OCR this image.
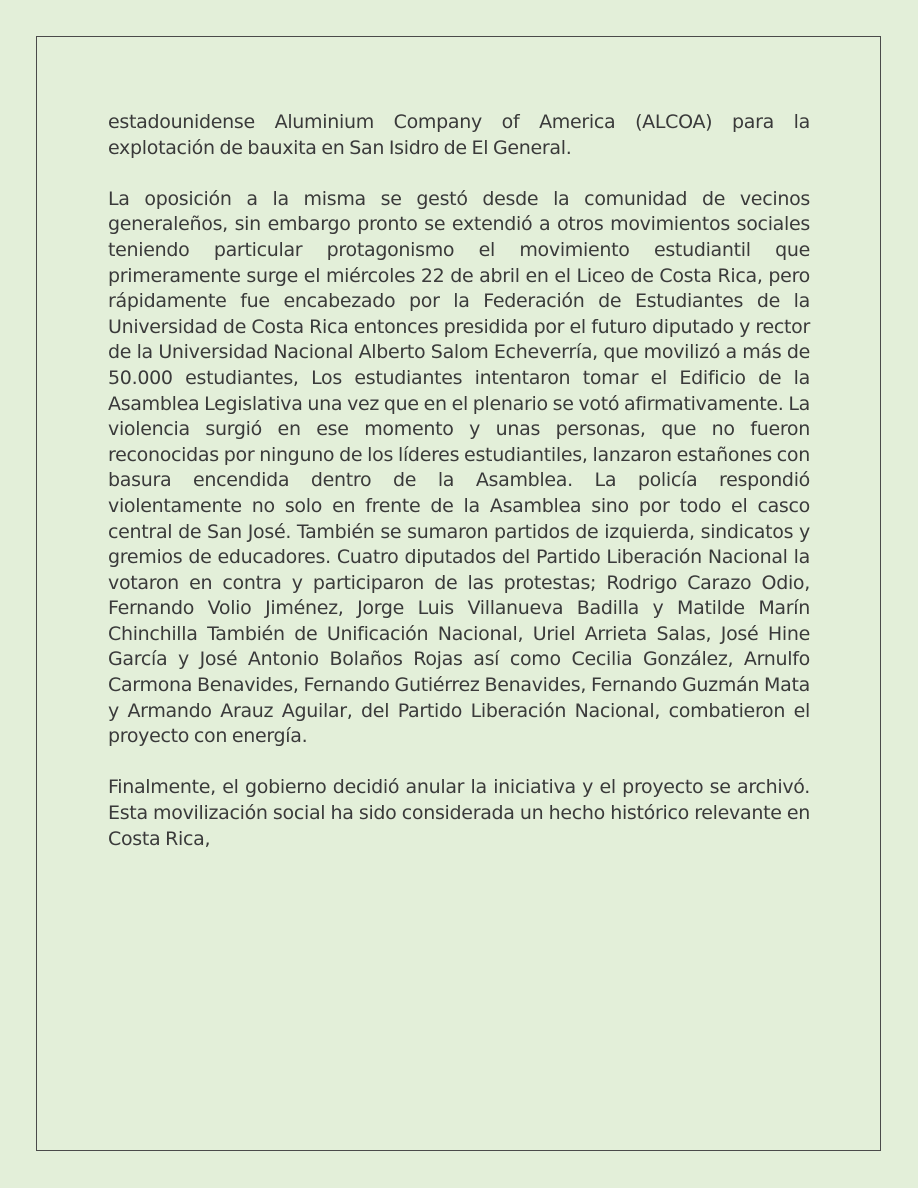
estadounidense Aluminium Company of America (ALCOA) para la explotación de bauxita en San Isidro de El General.

La oposición a la misma se gestó desde la comunidad de vecinos generaleños, sin embargo pronto se extendió a otros movimientos sociales teniendo particular protagonismo el movimiento estudiantil que primeramente surge el miércoles 22 de abril en el Liceo de Costa Rica, pero rápidamente fue encabezado por la Federación de Estudiantes de la Universidad de Costa Rica entonces presidida por el futuro diputado y rector de la Universidad Nacional Alberto Salom Echeverría, que movilizó a más de 50.000 estudiantes, Los estudiantes intentaron tomar el Edificio de la Asamblea Legislativa una vez que en el plenario se votó afirmativamente. La violencia surgió en ese momento y unas personas, que no fueron reconocidas por ninguno de los líderes estudiantiles, lanzaron estañones con basura encendida dentro de la Asamblea. La policía respondió violentamente no solo en frente de la Asamblea sino por todo el casco central de San José. También se sumaron partidos de izquierda, sindicatos y gremios de educadores. Cuatro diputados del Partido Liberación Nacional la votaron en contra y participaron de las protestas; Rodrigo Carazo Odio, Fernando Volio Jiménez, Jorge Luis Villanueva Badilla y Matilde Marín Chinchilla También de Unificación Nacional, Uriel Arrieta Salas, José Hine García y José Antonio Bolaños Rojas así como Cecilia González, Arnulfo Carmona Benavides, Fernando Gutiérrez Benavides, Fernando Guzmán Mata y Armando Arauz Aguilar, del Partido Liberación Nacional, combatieron el proyecto con energía.

Finalmente, el gobierno decidió anular la iniciativa y el proyecto se archivó. Esta movilización social ha sido considerada un hecho histórico relevante en Costa Rica,
